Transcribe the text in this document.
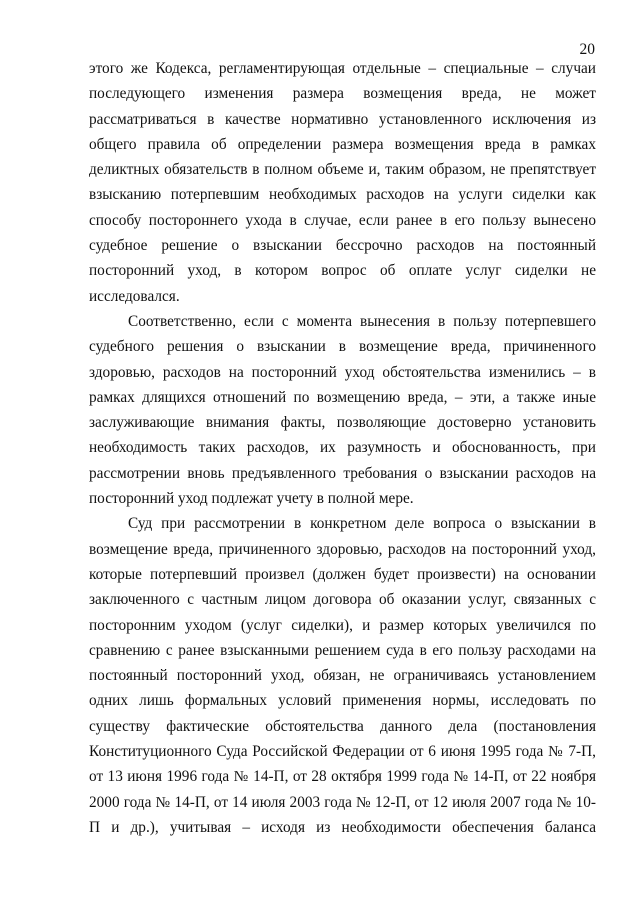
20

этого же Кодекса, регламентирующая отдельные – специальные – случаи последующего изменения размера возмещения вреда, не может рассматриваться в качестве нормативно установленного исключения из общего правила об определении размера возмещения вреда в рамках деликтных обязательств в полном объеме и, таким образом, не препятствует взысканию потерпевшим необходимых расходов на услуги сиделки как способу постороннего ухода в случае, если ранее в его пользу вынесено судебное решение о взыскании бессрочно расходов на постоянный посторонний уход, в котором вопрос об оплате услуг сиделки не исследовался.

Соответственно, если с момента вынесения в пользу потерпевшего судебного решения о взыскании в возмещение вреда, причиненного здоровью, расходов на посторонний уход обстоятельства изменились – в рамках длящихся отношений по возмещению вреда, – эти, а также иные заслуживающие внимания факты, позволяющие достоверно установить необходимость таких расходов, их разумность и обоснованность, при рассмотрении вновь предъявленного требования о взыскании расходов на посторонний уход подлежат учету в полной мере.

Суд при рассмотрении в конкретном деле вопроса о взыскании в возмещение вреда, причиненного здоровью, расходов на посторонний уход, которые потерпевший произвел (должен будет произвести) на основании заключенного с частным лицом договора об оказании услуг, связанных с посторонним уходом (услуг сиделки), и размер которых увеличился по сравнению с ранее взысканными решением суда в его пользу расходами на постоянный посторонний уход, обязан, не ограничиваясь установлением одних лишь формальных условий применения нормы, исследовать по существу фактические обстоятельства данного дела (постановления Конституционного Суда Российской Федерации от 6 июня 1995 года № 7-П, от 13 июня 1996 года № 14-П, от 28 октября 1999 года № 14-П, от 22 ноября 2000 года № 14-П, от 14 июля 2003 года № 12-П, от 12 июля 2007 года № 10-П и др.), учитывая – исходя из необходимости обеспечения баланса
